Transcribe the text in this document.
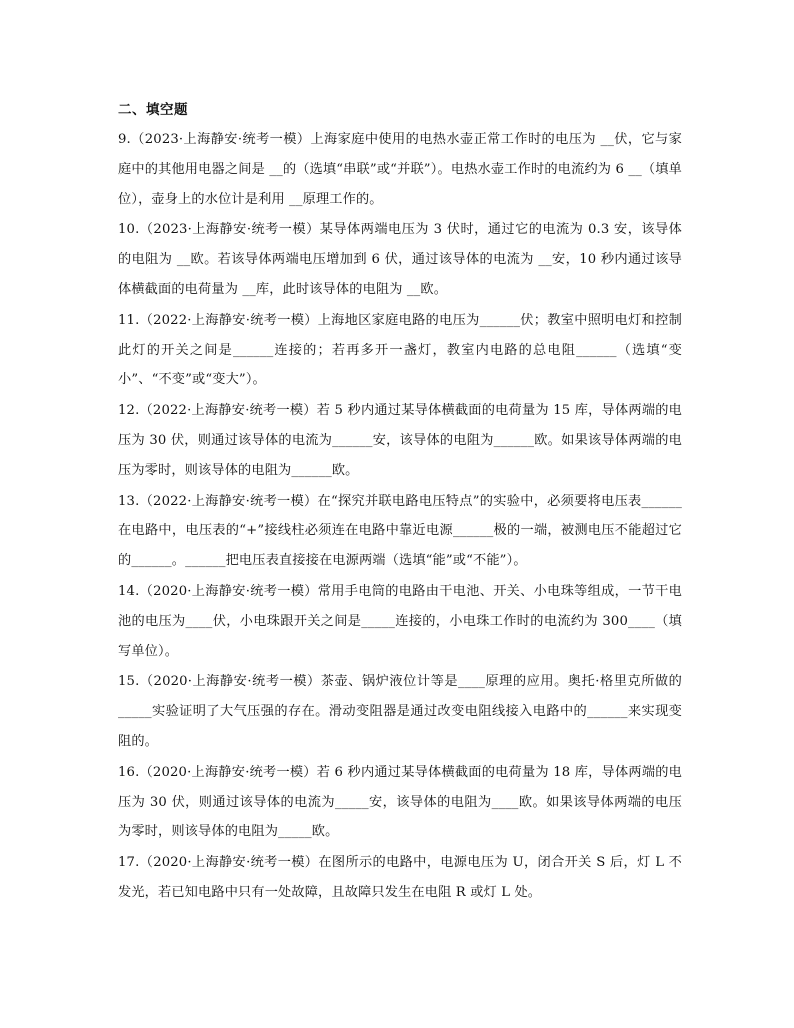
二、填空题
9.（2023·上海静安·统考一模）上海家庭中使用的电热水壶正常工作时的电压为 __伏，它与家庭中的其他用电器之间是 __的（选填“串联”或“并联”）。电热水壶工作时的电流约为 6 __（填单位），壶身上的水位计是利用 __原理工作的。
10.（2023·上海静安·统考一模）某导体两端电压为 3 伏时，通过它的电流为 0.3 安，该导体的电阻为 __欧。若该导体两端电压增加到 6 伏，通过该导体的电流为 __安，10 秒内通过该导体横截面的电荷量为 __库，此时该导体的电阻为 __欧。
11.（2022·上海静安·统考一模）上海地区家庭电路的电压为______伏；教室中照明电灯和控制此灯的开关之间是______连接的；若再多开一盏灯，教室内电路的总电阻______（选填“变小”、“不变”或“变大”）。
12.（2022·上海静安·统考一模）若 5 秒内通过某导体横截面的电荷量为 15 库，导体两端的电压为 30 伏，则通过该导体的电流为______安，该导体的电阻为______欧。如果该导体两端的电压为零时，则该导体的电阻为______欧。
13.（2022·上海静安·统考一模）在“探究并联电路电压特点”的实验中，必须要将电压表______在电路中，电压表的“+”接线柱必须连在电路中靠近电源______极的一端，被测电压不能超过它的______。______把电压表直接接在电源两端（选填“能”或“不能”）。
14.（2020·上海静安·统考一模）常用手电筒的电路由干电池、开关、小电珠等组成，一节干电池的电压为____伏，小电珠跟开关之间是_____连接的，小电珠工作时的电流约为 300____（填写单位）。
15.（2020·上海静安·统考一模）茶壶、锅炉液位计等是____原理的应用。奥托·格里克所做的_____实验证明了大气压强的存在。滑动变阻器是通过改变电阻线接入电路中的______来实现变阻的。
16.（2020·上海静安·统考一模）若 6 秒内通过某导体横截面的电荷量为 18 库，导体两端的电压为 30 伏，则通过该导体的电流为_____安，该导体的电阻为____欧。如果该导体两端的电压为零时，则该导体的电阻为_____欧。
17.（2020·上海静安·统考一模）在图所示的电路中，电源电压为 U，闭合开关 S 后，灯 L 不发光，若已知电路中只有一处故障，且故障只发生在电阻 R 或灯 L 处。
